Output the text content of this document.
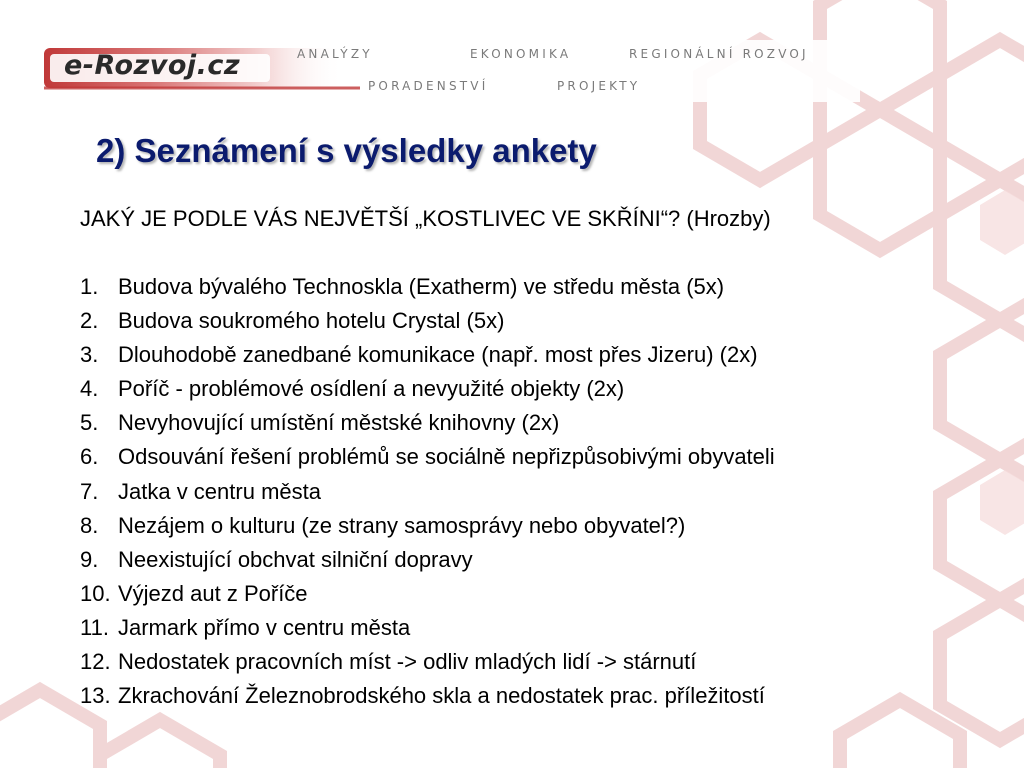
e-Rozvoj.cz	ANALÝZY	EKONOMIKA	REGIONÁLNÍ ROZVOJ
PORADENSTVÍ	PROJEKTY
2) Seznámení s výsledky ankety
JAKÝ JE PODLE VÁS NEJVĚTŠÍ „KOSTLIVEC VE SKŘÍNI“? (Hrozby)
1. Budova bývalého Technoskla (Exatherm) ve středu města (5x)
2. Budova soukromého hotelu Crystal (5x)
3. Dlouhodobě zanedbané komunikace (např. most přes Jizeru) (2x)
4. Poříč - problémové osídlení a nevyužité objekty (2x)
5. Nevyhovující umístění městské knihovny (2x)
6. Odsouvání řešení problémů se sociálně nepřizpůsobivými obyvateli
7. Jatka v centru města
8. Nezájem o kulturu (ze strany samosprávy nebo obyvatel?)
9. Neexistující obchvat silniční dopravy
10. Výjezd aut z Poříče
11. Jarmark přímo v centru města
12. Nedostatek pracovních míst -> odliv mladých lidí -> stárnutí
13. Zkrachování Železnobrodského skla a nedostatek prac. příležitostí
